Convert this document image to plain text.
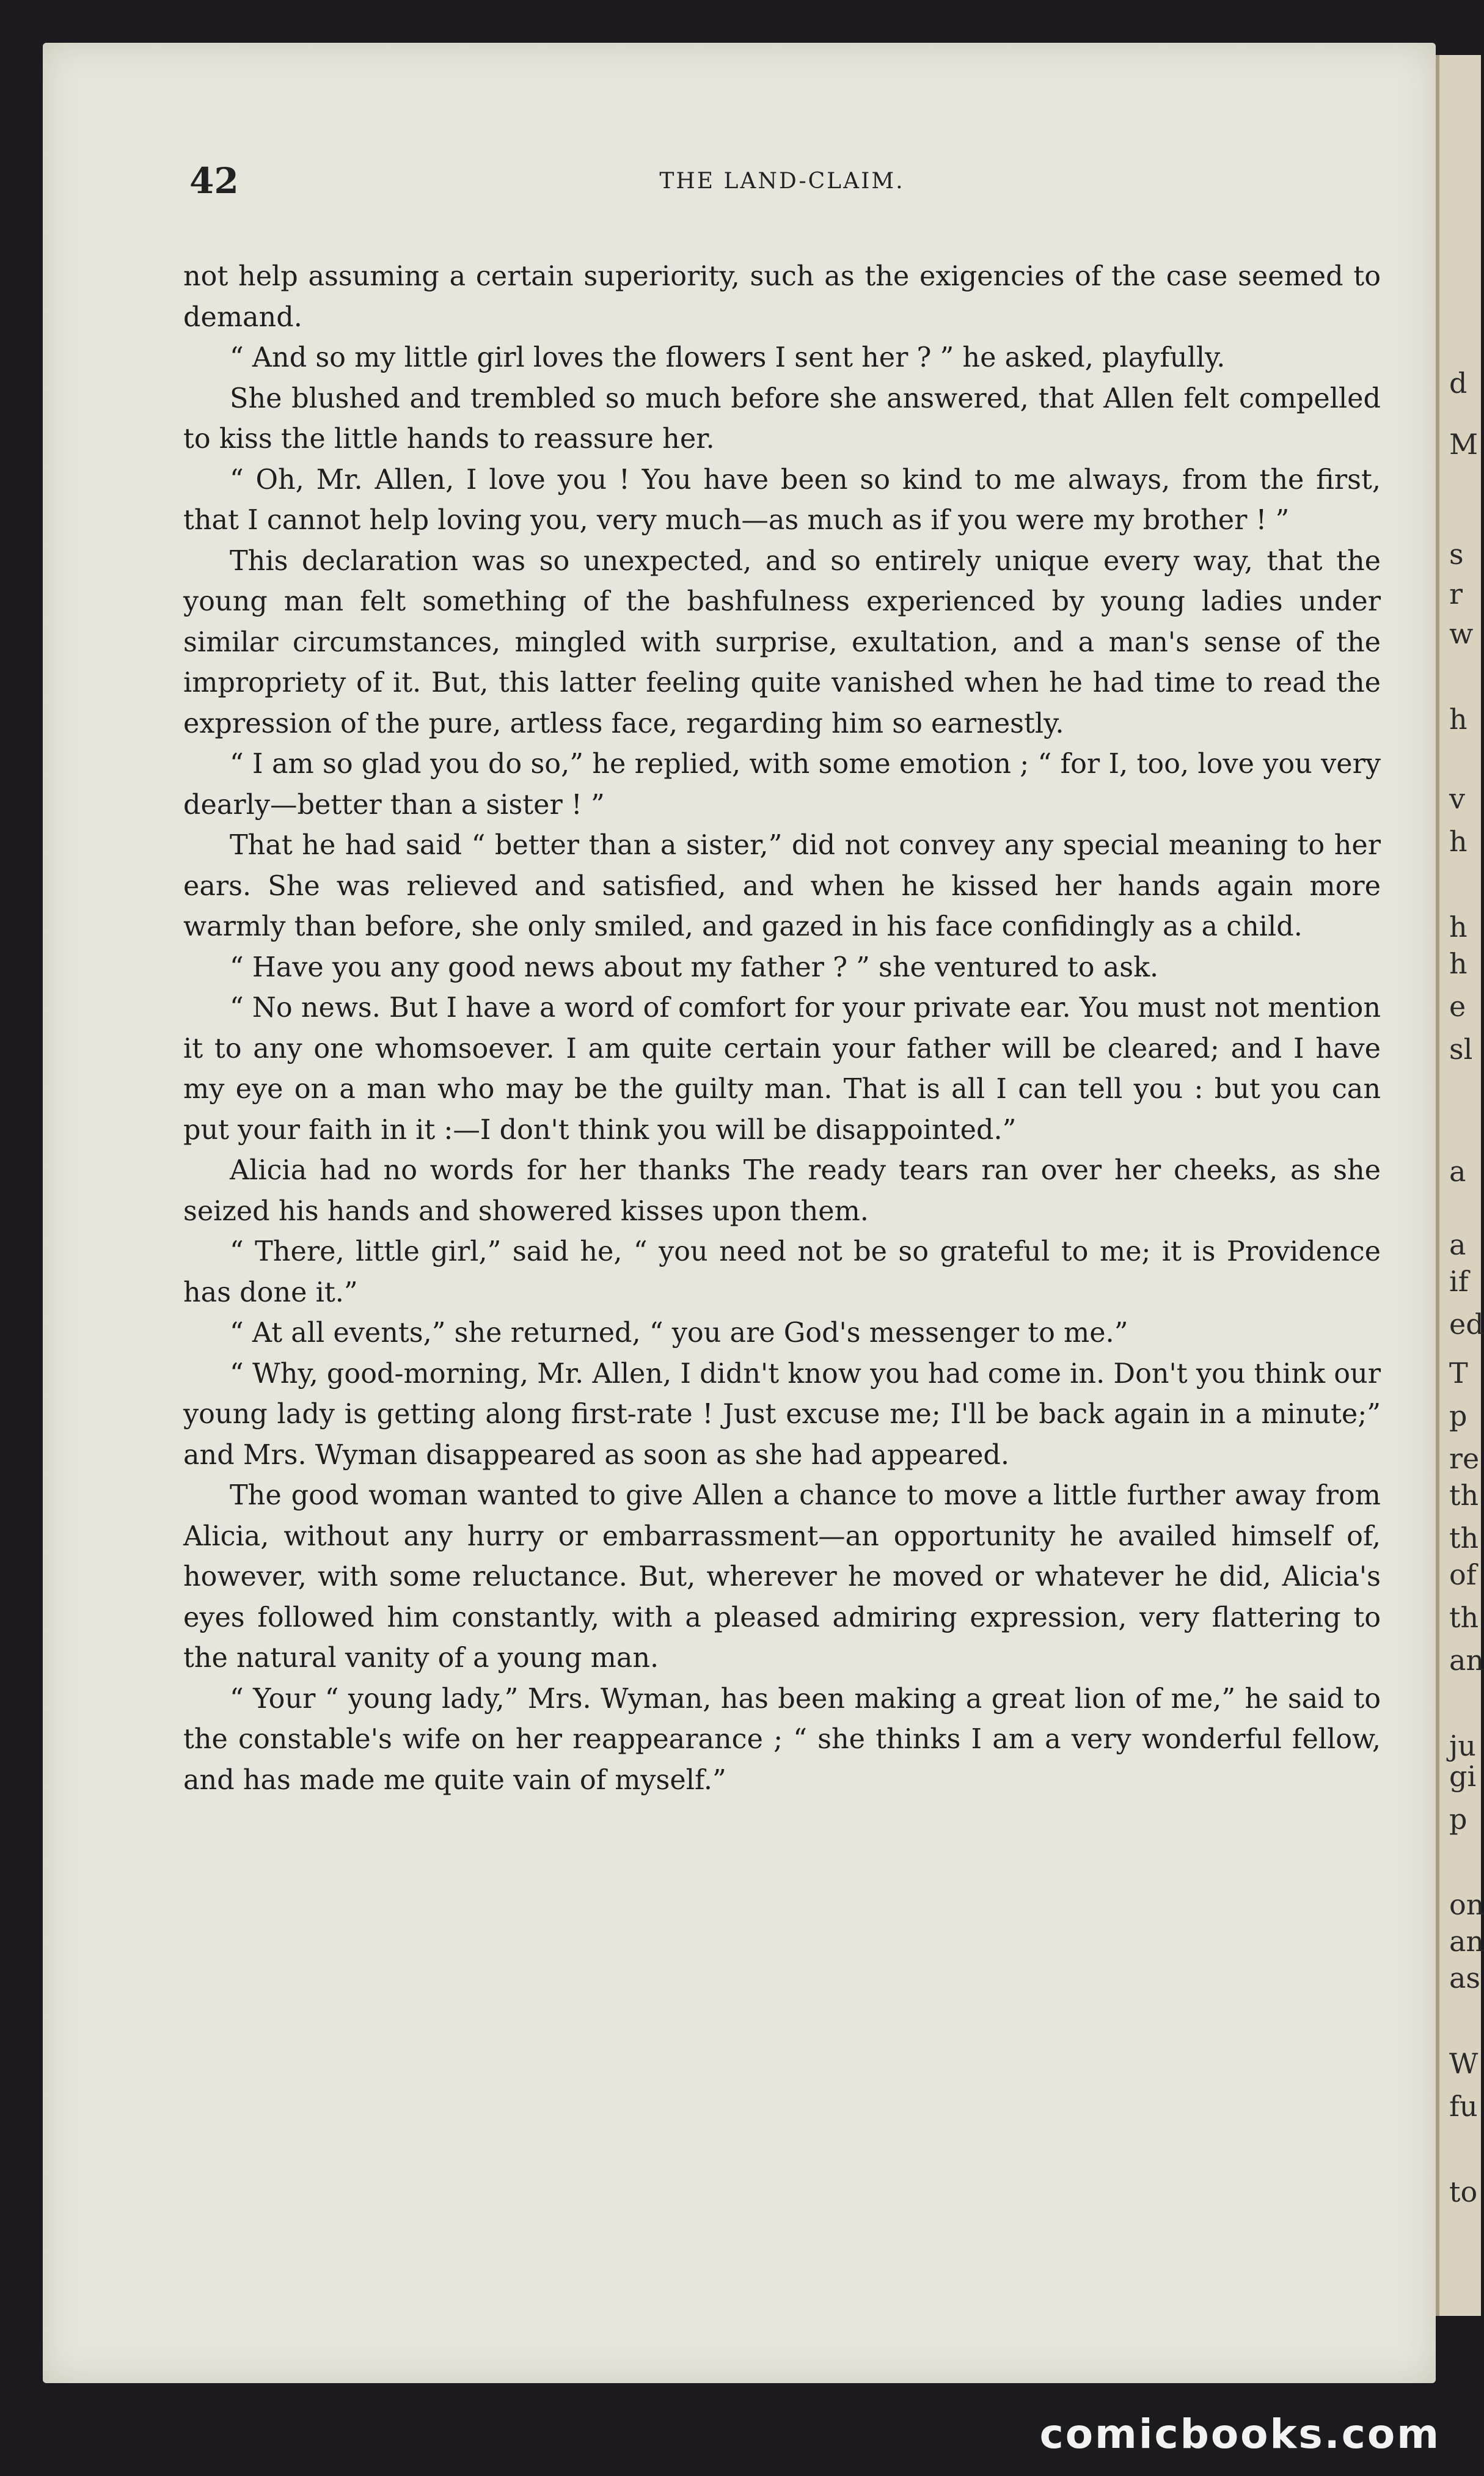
d
M
s
r
w
h
v
h
h
h
e
sl
a
a
if
ed
T
p
re
th
th
of
th
an
ju
gi
p
on
an
as
W
fu
to
42	THE LAND-CLAIM.

not help assuming a certain superiority, such as the exigencies of the case seemed to demand.

“ And so my little girl loves the flowers I sent her ? ” he asked, playfully.

She blushed and trembled so much before she answered, that Allen felt compelled to kiss the little hands to reassure her.

“ Oh, Mr. Allen, I love you ! You have been so kind to me always, from the first, that I cannot help loving you, very much—as much as if you were my brother ! ”

This declaration was so unexpected, and so entirely unique every way, that the young man felt something of the bashfulness experienced by young ladies under similar circumstances, mingled with surprise, exultation, and a man's sense of the impropriety of it. But, this latter feeling quite vanished when he had time to read the expression of the pure, artless face, regarding him so earnestly.

“ I am so glad you do so,” he replied, with some emotion ; “ for I, too, love you very dearly—better than a sister ! ”

That he had said “ better than a sister,” did not convey any special meaning to her ears. She was relieved and satisfied, and when he kissed her hands again more warmly than before, she only smiled, and gazed in his face confidingly as a child.

“ Have you any good news about my father ? ” she ventured to ask.

“ No news. But I have a word of comfort for your private ear. You must not mention it to any one whomsoever. I am quite certain your father will be cleared; and I have my eye on a man who may be the guilty man. That is all I can tell you : but you can put your faith in it :—I don't think you will be disappointed.”

Alicia had no words for her thanks The ready tears ran over her cheeks, as she seized his hands and showered kisses upon them.

“ There, little girl,” said he, “ you need not be so grateful to me; it is Providence has done it.”

“ At all events,” she returned, “ you are God's messenger to me.”

“ Why, good-morning, Mr. Allen, I didn't know you had come in. Don't you think our young lady is getting along first-rate ! Just excuse me; I'll be back again in a minute;” and Mrs. Wyman disappeared as soon as she had appeared.

The good woman wanted to give Allen a chance to move a little further away from Alicia, without any hurry or embarrassment—an opportunity he availed himself of, however, with some reluctance. But, wherever he moved or whatever he did, Alicia's eyes followed him constantly, with a pleased admiring expression, very flattering to the natural vanity of a young man.

“ Your “ young lady,” Mrs. Wyman, has been making a great lion of me,” he said to the constable's wife on her reappearance ; “ she thinks I am a very wonderful fellow, and has made me quite vain of myself.”

comicbooks.com
